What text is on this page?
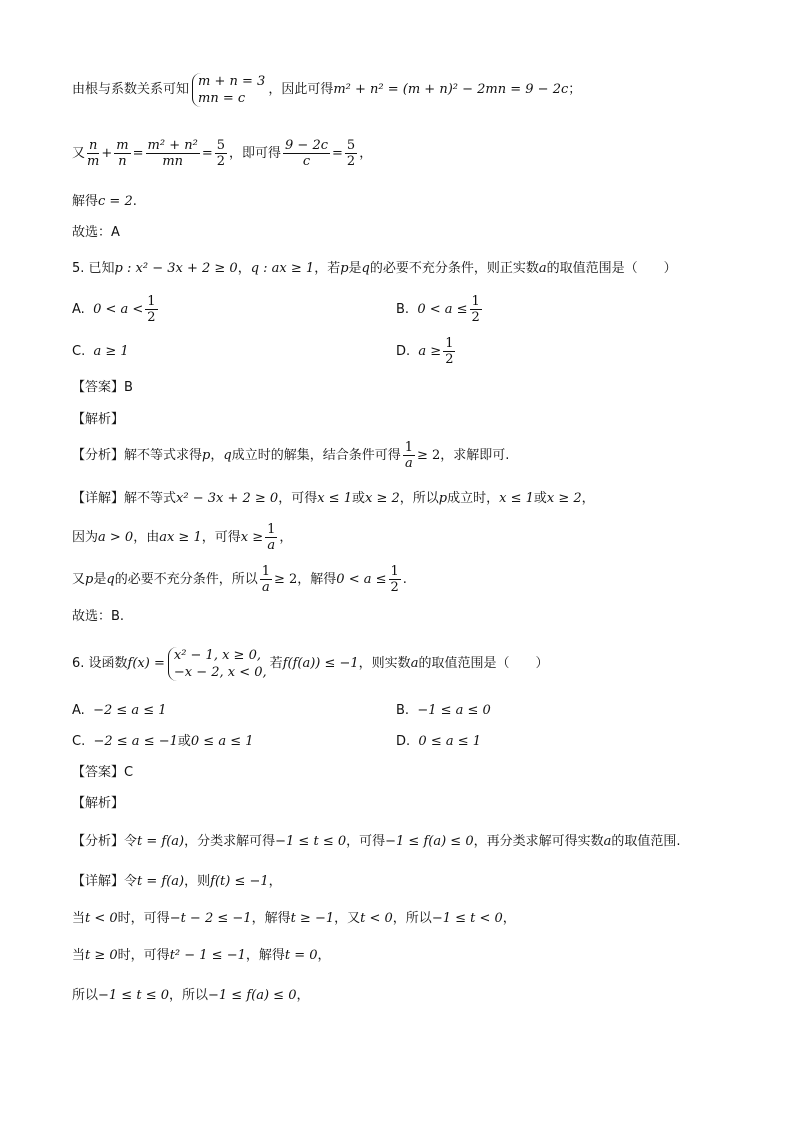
由根与系数关系可知
m + n = 3
mn = c
，因此可得m² + n² = (m + n)² − 2mn = 9 − 2c；
又 $\frac{n}{m} + \frac{m}{n} = \frac{\text{m² + n²}}{mn} = \frac{5}{2}$ ，即可得 $\frac{9 - 2c}{c} = \frac{5}{2}$ ，
解得c = 2.
故选：A
5. 已知p : x² − 3x + 2 ≥ 0，q : ax ≥ 1，若p是q的必要不充分条件，则正实数a的取值范围是（　　）
A. $0 < a < \frac{1}{2}$	B. $0 < a \le \frac{1}{2}$
C. a ≥ 1	D. $a \ge \frac{1}{2}$
【答案】B
【解析】
【分析】解不等式求得p，q成立时的解集，结合条件可得 $\frac{1}{a} \ge 2$，求解即可.
【详解】解不等式x² − 3x + 2 ≥ 0，可得x ≤ 1或x ≥ 2，所以p成立时，x ≤ 1或x ≥ 2，
因为a > 0，由ax ≥ 1，可得$x \ge \frac{1}{a}$ ，
又p是q的必要不充分条件，所以 $\frac{1}{a} \ge 2$，解得$0 < a \le \frac{1}{2}$ .
故选：B.
6. 设函数f(x) =
x² − 1, x ≥ 0,
−x − 2, x < 0,
若f(f(a)) ≤ −1，则实数a的取值范围是（　　）
A. −2 ≤ a ≤ 1	B. −1 ≤ a ≤ 0
C. −2 ≤ a ≤ −1或0 ≤ a ≤ 1	D. 0 ≤ a ≤ 1
【答案】C
【解析】
【分析】令t = f(a)，分类求解可得−1 ≤ t ≤ 0，可得−1 ≤ f(a) ≤ 0，再分类求解可得实数a的取值范围.
【详解】令t = f(a)，则f(t) ≤ −1，
当t < 0时，可得−t − 2 ≤ −1，解得t ≥ −1，又t < 0，所以−1 ≤ t < 0，
当t ≥ 0时，可得t² − 1 ≤ −1，解得t = 0，
所以−1 ≤ t ≤ 0，所以−1 ≤ f(a) ≤ 0，
